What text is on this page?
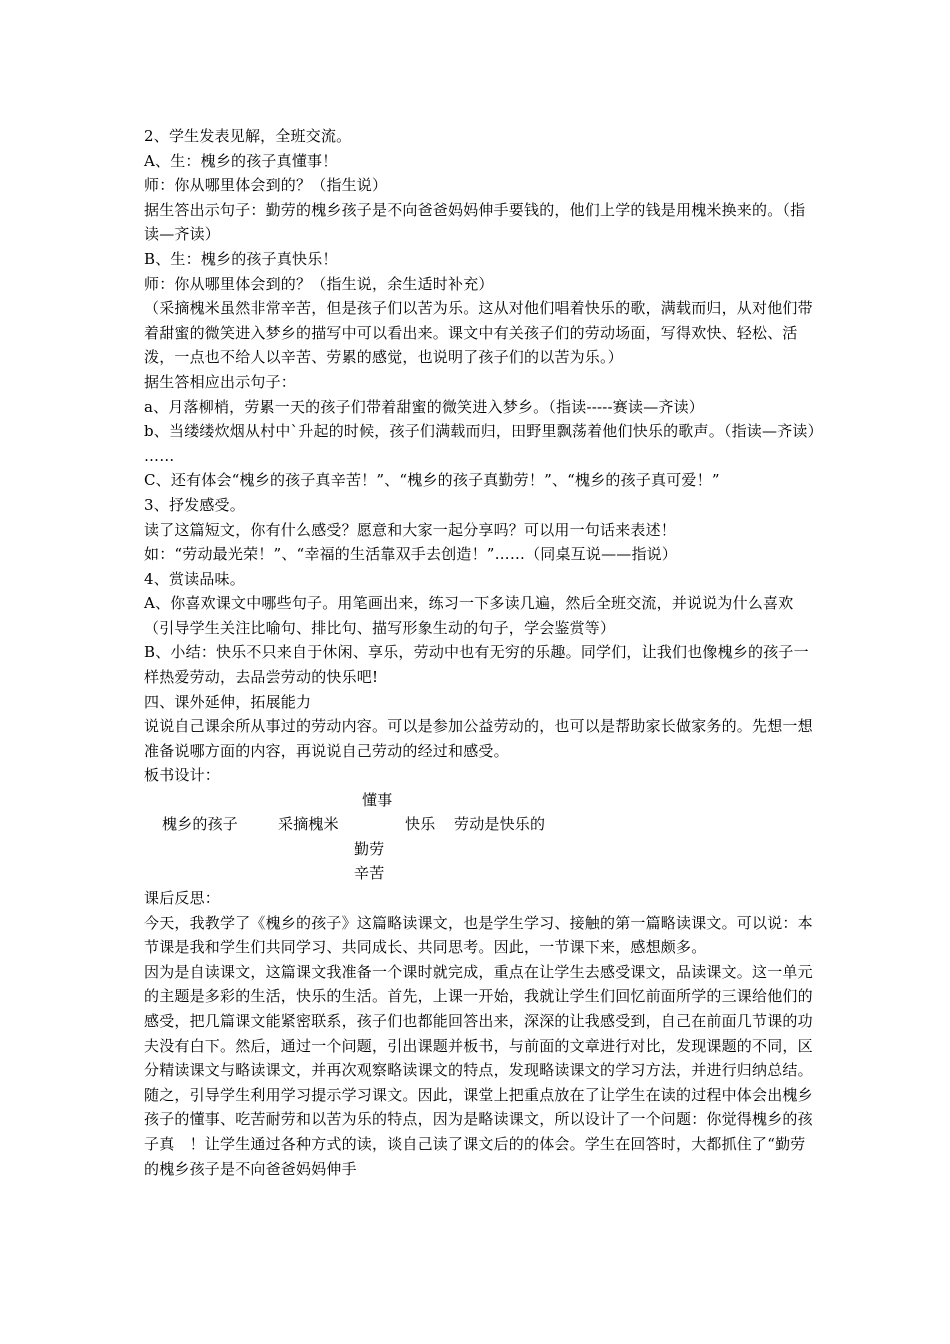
2、学生发表见解，全班交流。

A、生：槐乡的孩子真懂事！

师：你从哪里体会到的？（指生说）

据生答出示句子：勤劳的槐乡孩子是不向爸爸妈妈伸手要钱的，他们上学的钱是用槐米换来的。（指读—齐读）

B、生：槐乡的孩子真快乐！

师：你从哪里体会到的？（指生说，余生适时补充）

（采摘槐米虽然非常辛苦，但是孩子们以苦为乐。这从对他们唱着快乐的歌，满载而归，从对他们带着甜蜜的微笑进入梦乡的描写中可以看出来。课文中有关孩子们的劳动场面，写得欢快、轻松、活泼，一点也不给人以辛苦、劳累的感觉，也说明了孩子们的以苦为乐。）

据生答相应出示句子：

a、月落柳梢，劳累一天的孩子们带着甜蜜的微笑进入梦乡。（指读-----赛读—齐读）

b、当缕缕炊烟从村中`升起的时候，孩子们满载而归，田野里飘荡着他们快乐的歌声。（指读—齐读）

……

C、还有体会“槐乡的孩子真辛苦！”、“槐乡的孩子真勤劳！”、“槐乡的孩子真可爱！”

3、抒发感受。

读了这篇短文，你有什么感受？愿意和大家一起分享吗？可以用一句话来表述！

如：“劳动最光荣！”、“幸福的生活靠双手去创造！”……（同桌互说——指说）

4、赏读品味。

A、你喜欢课文中哪些句子。用笔画出来，练习一下多读几遍，然后全班交流，并说说为什么喜欢（引导学生关注比喻句、排比句、描写形象生动的句子，学会鉴赏等）

B、小结：快乐不只来自于休闲、享乐，劳动中也有无穷的乐趣。同学们，让我们也像槐乡的孩子一样热爱劳动，去品尝劳动的快乐吧!

四、课外延伸，拓展能力

说说自己课余所从事过的劳动内容。可以是参加公益劳动的，也可以是帮助家长做家务的。先想一想准备说哪方面的内容，再说说自己劳动的经过和感受。

板书设计：

懂事
槐乡的孩子	采摘槐米	快乐 劳动是快乐的
勤劳
辛苦

课后反思：

今天，我教学了《槐乡的孩子》这篇略读课文，也是学生学习、接触的第一篇略读课文。可以说：本节课是我和学生们共同学习、共同成长、共同思考。因此，一节课下来，感想颇多。

因为是自读课文，这篇课文我准备一个课时就完成，重点在让学生去感受课文，品读课文。这一单元的主题是多彩的生活，快乐的生活。首先，上课一开始，我就让学生们回忆前面所学的三课给他们的感受，把几篇课文能紧密联系，孩子们也都能回答出来，深深的让我感受到，自己在前面几节课的功夫没有白下。然后，通过一个问题，引出课题并板书，与前面的文章进行对比，发现课题的不同，区分精读课文与略读课文，并再次观察略读课文的特点，发现略读课文的学习方法，并进行归纳总结。随之，引导学生利用学习提示学习课文。因此，课堂上把重点放在了让学生在读的过程中体会出槐乡孩子的懂事、吃苦耐劳和以苦为乐的特点，因为是略读课文，所以设计了一个问题：你觉得槐乡的孩子真　！让学生通过各种方式的读，谈自己读了课文后的的体会。学生在回答时，大都抓住了“勤劳的槐乡孩子是不向爸爸妈妈伸手
